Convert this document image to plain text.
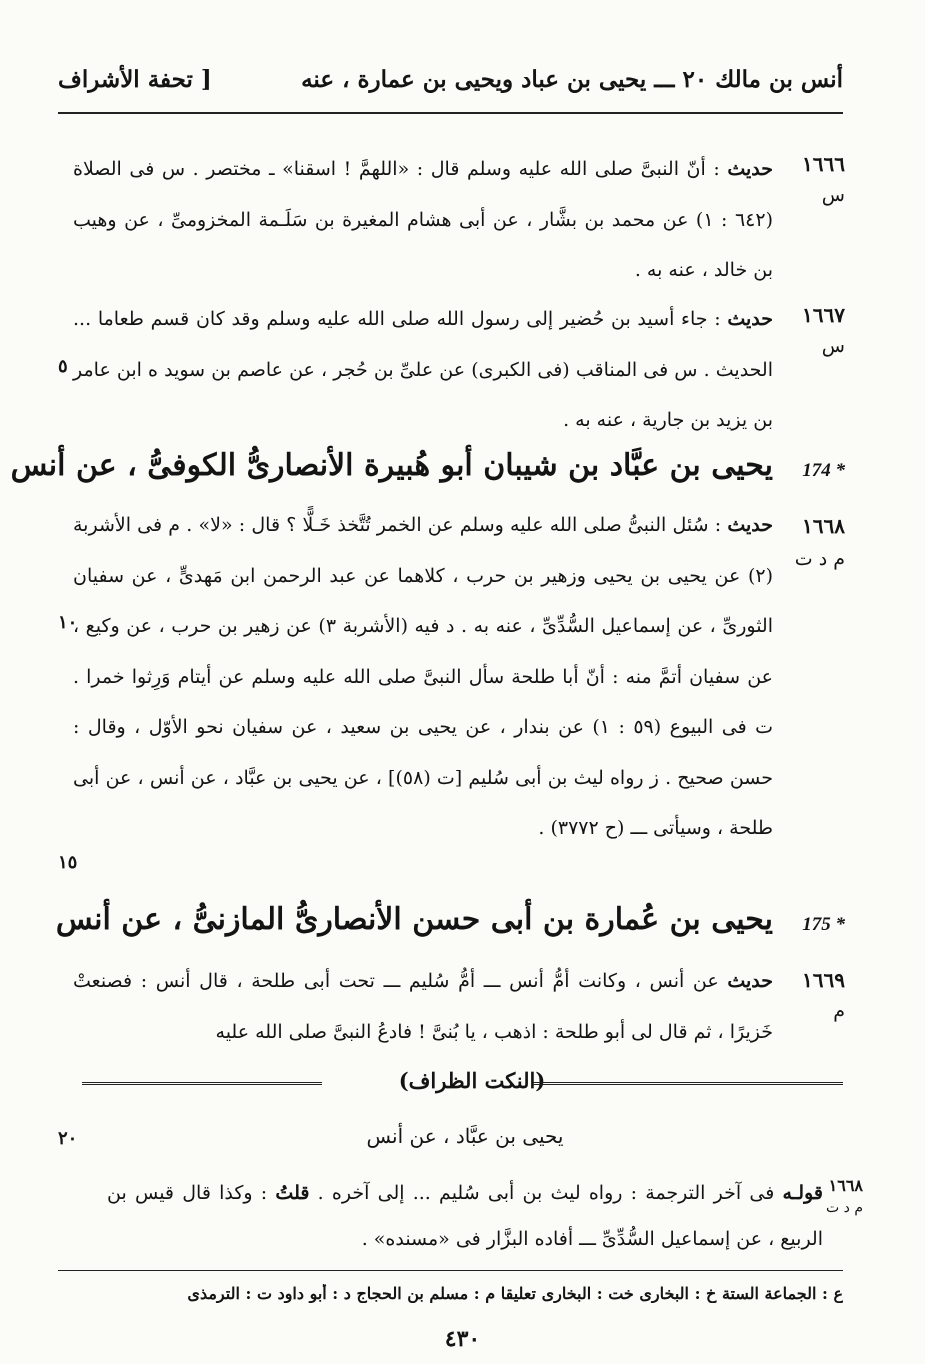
أنس بن مالك ٢٠ ـــ يحيى بن عباد ويحيى بن عمارة ، عنه
[ تحفة الأشراف
١٦٦٦
س

حديث : أنّ النبىَّ صلى الله عليه وسلم قال : «اللهمَّ ! اسقنا» ـ مختصر . س فى الصلاة (٦٤٢ : ١) عن محمد بن بشَّار ، عن أبى هشام المغيرة بن سَلَـمة المخزومىِّ ، عن وهيب بن خالد ، عنه به .

١٦٦٧
س

حديث : جاء أسيد بن حُضير إلى رسول الله صلى الله عليه وسلم وقد كان قسم طعاما ... الحديث . س فى المناقب (فى الكبرى) عن علىِّ بن حُجر ، عن عاصم بن سويد ه ابن عامر بن يزيد بن جارية ، عنه به .

174 *
يحيى بن عبَّاد بن شيبان أبو هُبيرة الأنصارىُّ الكوفىُّ ، عن أنس
١٦٦٨
م د ت

حديث : سُئل النبىُّ صلى الله عليه وسلم عن الخمر تُتَّخذ خَـلًّا ؟ قال : «لا» . م فى الأشربة (٢) عن يحيى بن يحيى وزهير بن حرب ، كلاهما عن عبد الرحمن ابن مَهدىٍّ ، عن سفيان الثورىِّ ، عن إسماعيل السُّدِّىِّ ، عنه به . د فيه (الأشربة ٣) عن زهير بن حرب ، عن وكيع ، عن سفيان أتمَّ منه : أنّ أبا طلحة سأل النبىَّ صلى الله عليه وسلم عن أيتام وَرِثوا خمرا . ت فى البيوع (٥٩ : ١) عن بندار ، عن يحيى بن سعيد ، عن سفيان نحو الأوّل ، وقال : حسن صحيح . ز رواه ليث بن أبى سُليم [ت (٥٨)] ، عن يحيى بن عبَّاد ، عن أنس ، عن أبى طلحة ، وسيأتى ـــ (ح ٣٧٧٢) .

٥
١٠
١٥
175 *
يحيى بن عُمارة بن أبى حسن الأنصارىُّ المازنىُّ ، عن أنس
١٦٦٩
م

حديث عن أنس ، وكانت أمُّ أنس ـــ أمُّ سُليم ـــ تحت أبى طلحة ، قال أنس : فصنعتْ خَزيرًا ، ثم قال لى أبو طلحة : اذهب ، يا بُنىَّ ! فادعُ النبىَّ صلى الله عليه

(النكت الظراف)
٢٠	يحيى بن عبَّاد ، عن أنس
١٦٦٨
م د ت

قولـه فى آخر الترجمة : رواه ليث بن أبى سُليم ... إلى آخره . قلتُ : وكذا قال قيس بن الربيع ، عن إسماعيل السُّدِّىِّ ـــ أفاده البزَّار فى «مسنده» .

ع : الجماعة الستة خ : البخارى خت : البخارى تعليقا م : مسلم بن الحجاج د : أبو داود ت : الترمذى
٤٣٠
